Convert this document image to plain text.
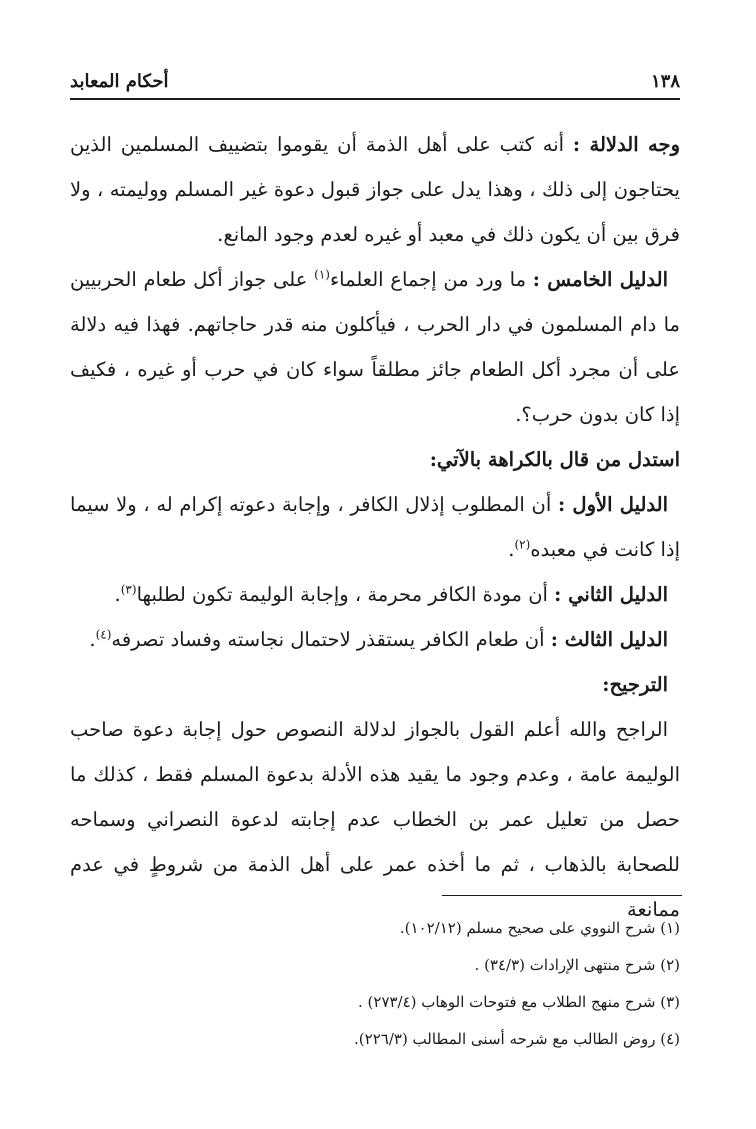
١٣٨
أحكام المعابد

وجه الدلالة : أنه كتب على أهل الذمة أن يقوموا بتضييف المسلمين الذين يحتاجون إلى ذلك ، وهذا يدل على جواز قبول دعوة غير المسلم ووليمته ، ولا فرق بين أن يكون ذلك في معبد أو غيره لعدم وجود المانع.

الدليل الخامس : ما ورد من إجماع العلماء$^{(١)}$ على جواز أكل طعام الحربيين ما دام المسلمون في دار الحرب ، فيأكلون منه قدر حاجاتهم. فهذا فيه دلالة على أن مجرد أكل الطعام جائز مطلقاً سواء كان في حرب أو غيره ، فكيف إذا كان بدون حرب؟.

استدل من قال بالكراهة بالآتي:

الدليل الأول : أن المطلوب إذلال الكافر ، وإجابة دعوته إكرام له ، ولا سيما إذا كانت في معبده$^{(٢)}$.

الدليل الثاني : أن مودة الكافر محرمة ، وإجابة الوليمة تكون لطلبها$^{(٣)}$.

الدليل الثالث : أن طعام الكافر يستقذر لاحتمال نجاسته وفساد تصرفه$^{(٤)}$.

الترجيح:

الراجح والله أعلم القول بالجواز لدلالة النصوص حول إجابة دعوة صاحب الوليمة عامة ، وعدم وجود ما يقيد هذه الأدلة بدعوة المسلم فقط ، كذلك ما حصل من تعليل عمر بن الخطاب عدم إجابته لدعوة النصراني وسماحه للصحابة بالذهاب ، ثم ما أخذه عمر على أهل الذمة من شروطٍ في عدم ممانعة

(١) شرح النووي على صحيح مسلم (١٠٢/١٢).

(٢) شرح منتهى الإرادات (٣٤/٣) .

(٣) شرح منهج الطلاب مع فتوحات الوهاب (٢٧٣/٤) .

(٤) روض الطالب مع شرحه أسنى المطالب (٢٢٦/٣).
